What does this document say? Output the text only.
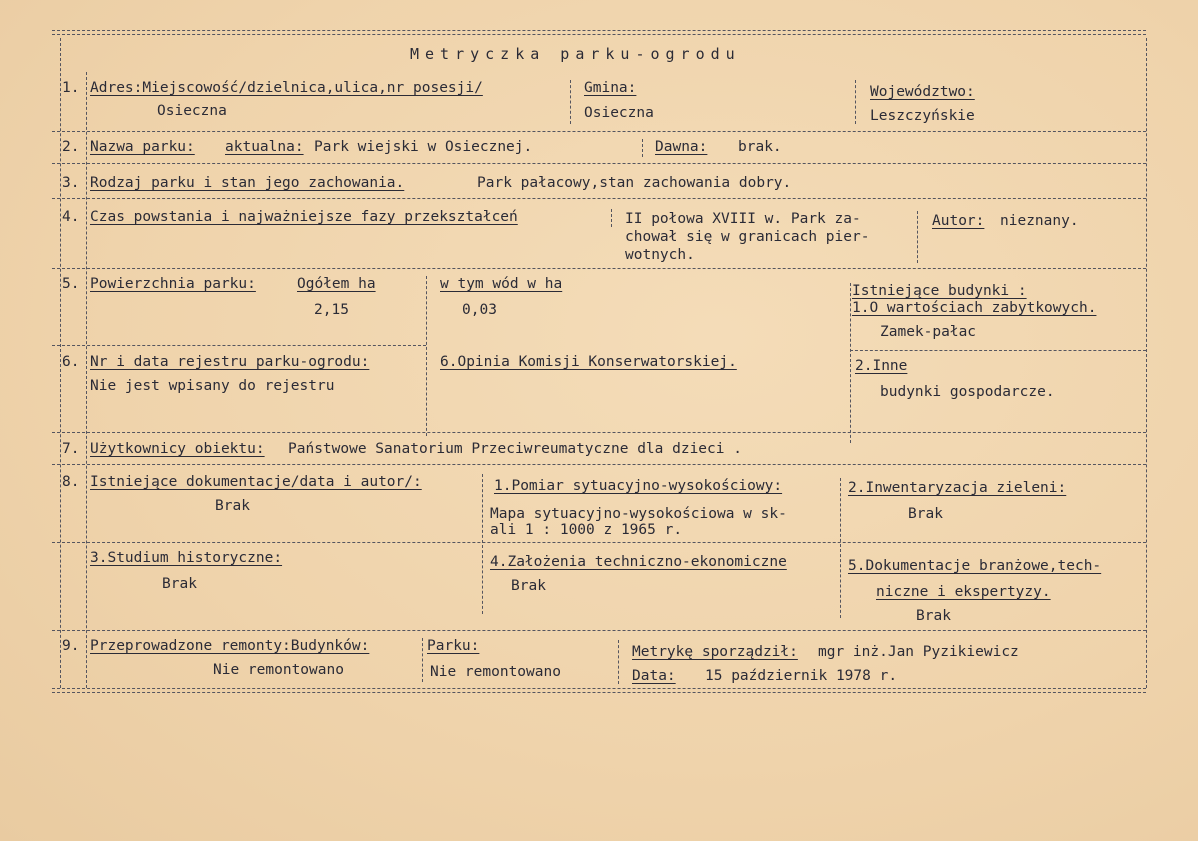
Metryczka parku-ogrodu
1. Adres:Miejscowość/dzielnica,ulica,nr posesji/	Gmina:	Województwo:
Osieczna	Osieczna	Leszczyńskie
2. Nazwa parku: aktualna: Park wiejski w Osiecznej.	Dawna: brak.
3. Rodzaj parku i stan jego zachowania.	Park pałacowy,stan zachowania dobry.
4. Czas powstania i najważniejsze fazy przekształceń	II połowa XVIII w. Park za-
chował się w granicach pier-
wotnych.
Autor: nieznany.
5. Powierzchnia parku:	Ogółem ha
2,15
w tym wód w ha
0,03
Istniejące budynki :
1.O wartościach zabytkowych.
Zamek-pałac
6. Nr i data rejestru parku-ogrodu:
Nie jest wpisany do rejestru
6.Opinia Komisji Konserwatorskiej.	2.Inne
budynki gospodarcze.
7. Użytkownicy obiektu: Państwowe Sanatorium Przeciwreumatyczne dla dzieci .
8. Istniejące dokumentacje/data i autor/:
Brak
1.Pomiar sytuacyjno-wysokościowy:
Mapa sytuacyjno-wysokościowa w sk-
ali 1 : 1000 z 1965 r.
2.Inwentaryzacja zieleni:
Brak
3.Studium historyczne:
Brak
4.Założenia techniczno-ekonomiczne
Brak
5.Dokumentacje branżowe,tech-
niczne i ekspertyzy.
Brak
9. Przeprowadzone remonty:Budynków:	Parku:
Nie remontowano	Nie remontowano
Metrykę sporządził: mgr inż.Jan Pyzikiewicz
Data: 15 październik 1978 r.
